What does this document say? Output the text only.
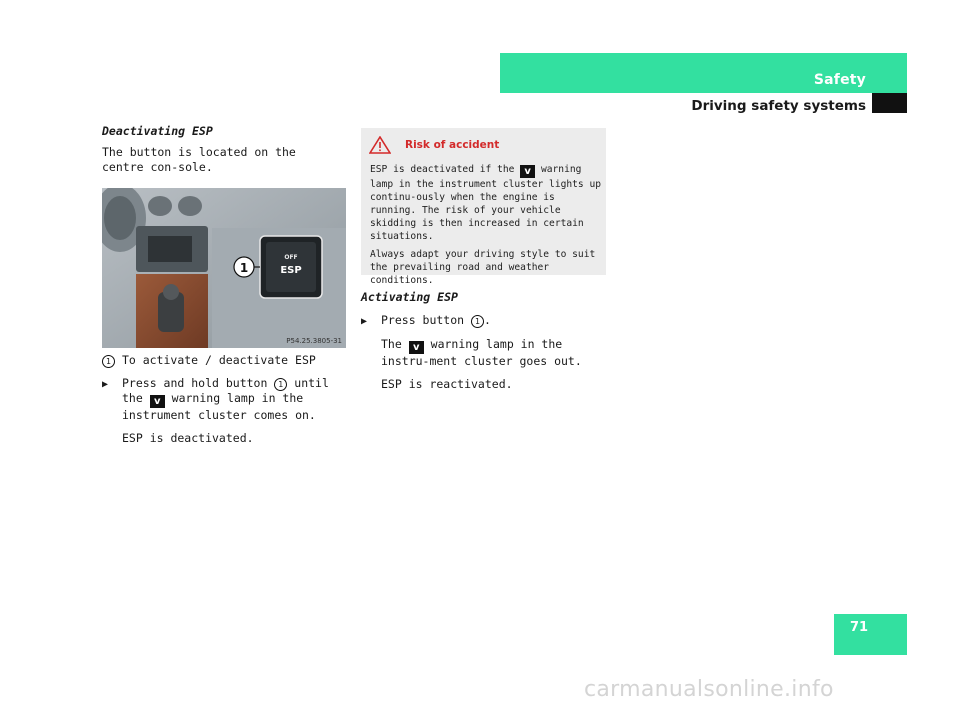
Safety
Driving safety systems

Deactivating ESP

The button is located on the centre con-sole.

OFF
ESP
1
P54.25.3805-31

1 To activate / deactivate ESP

▶	Press and hold button 1 until the v warning lamp in the instrument cluster comes on.

ESP is deactivated.

Risk of accident

ESP is deactivated if the v warning lamp in the instrument cluster lights up continu-ously when the engine is running. The risk of your vehicle skidding is then increased in certain situations.

Always adapt your driving style to suit the prevailing road and weather conditions.

Activating ESP

▶	Press button 1 .

The v warning lamp in the instru-ment cluster goes out.

ESP is reactivated.

71
carmanualsonline.info
